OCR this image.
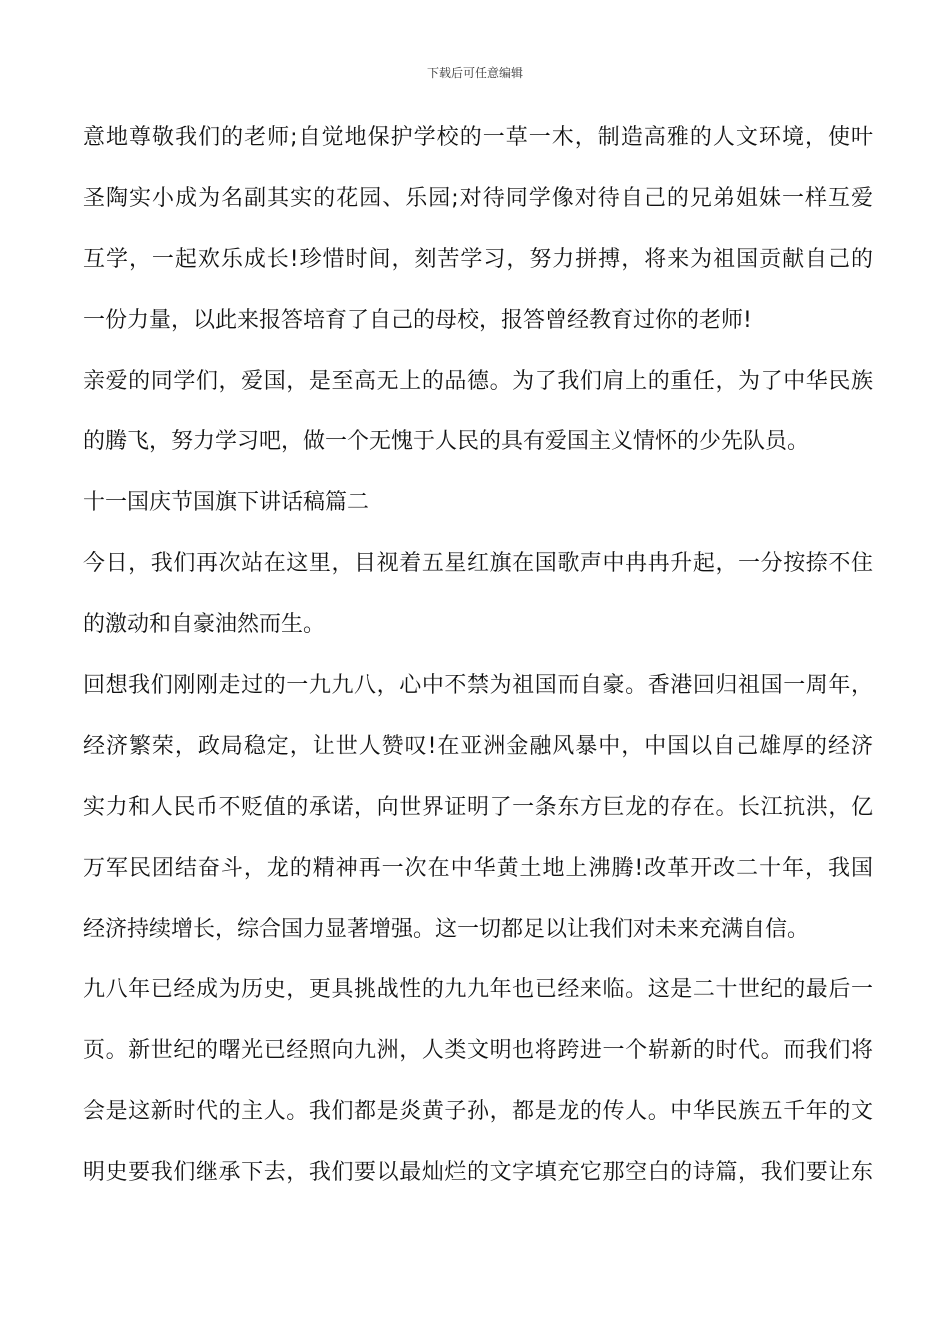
下载后可任意编辑
意地尊敬我们的老师;自觉地保护学校的一草一木，制造高雅的人文环境，使叶
圣陶实小成为名副其实的花园、乐园;对待同学像对待自己的兄弟姐妹一样互爱
互学，一起欢乐成长!珍惜时间，刻苦学习，努力拼搏，将来为祖国贡献自己的
一份力量，以此来报答培育了自己的母校，报答曾经教育过你的老师!
亲爱的同学们，爱国，是至高无上的品德。为了我们肩上的重任，为了中华民族
的腾飞，努力学习吧，做一个无愧于人民的具有爱国主义情怀的少先队员。
十一国庆节国旗下讲话稿篇二
今日，我们再次站在这里，目视着五星红旗在国歌声中冉冉升起，一分按捺不住
的激动和自豪油然而生。
回想我们刚刚走过的一九九八，心中不禁为祖国而自豪。香港回归祖国一周年，
经济繁荣，政局稳定，让世人赞叹!在亚洲金融风暴中，中国以自己雄厚的经济
实力和人民币不贬值的承诺，向世界证明了一条东方巨龙的存在。长江抗洪，亿
万军民团结奋斗，龙的精神再一次在中华黄土地上沸腾!改革开改二十年，我国
经济持续增长，综合国力显著增强。这一切都足以让我们对未来充满自信。
九八年已经成为历史，更具挑战性的九九年也已经来临。这是二十世纪的最后一
页。新世纪的曙光已经照向九洲，人类文明也将跨进一个崭新的时代。而我们将
会是这新时代的主人。我们都是炎黄子孙，都是龙的传人。中华民族五千年的文
明史要我们继承下去，我们要以最灿烂的文字填充它那空白的诗篇，我们要让东
